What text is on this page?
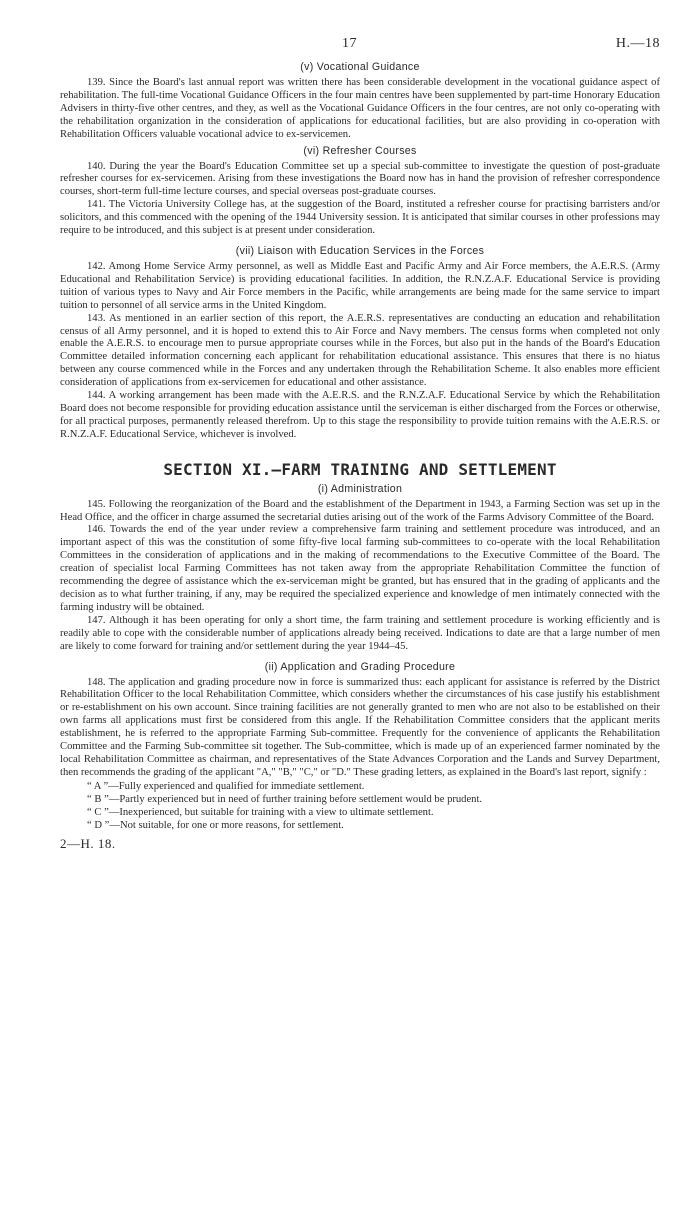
17	H.—18
(v) Vocational Guidance

139. Since the Board's last annual report was written there has been considerable development in the vocational guidance aspect of rehabilitation. The full-time Vocational Guidance Officers in the four main centres have been supplemented by part-time Honorary Education Advisers in thirty-five other centres, and they, as well as the Vocational Guidance Officers in the four centres, are not only co-operating with the rehabilitation organization in the consideration of applications for educational facilities, but are also providing in co-operation with Rehabilitation Officers valuable vocational advice to ex-servicemen.

(vi) Refresher Courses

140. During the year the Board's Education Committee set up a special sub-committee to investigate the question of post-graduate refresher courses for ex-servicemen. Arising from these investigations the Board now has in hand the provision of refresher correspondence courses, short-term full-time lecture courses, and special overseas post-graduate courses.

141. The Victoria University College has, at the suggestion of the Board, instituted a refresher course for practising barristers and/or solicitors, and this commenced with the opening of the 1944 University session. It is anticipated that similar courses in other professions may require to be introduced, and this subject is at present under consideration.

(vii) Liaison with Education Services in the Forces

142. Among Home Service Army personnel, as well as Middle East and Pacific Army and Air Force members, the A.E.R.S. (Army Educational and Rehabilitation Service) is providing educational facilities. In addition, the R.N.Z.A.F. Educational Service is providing tuition of various types to Navy and Air Force members in the Pacific, while arrangements are being made for the same service to impart tuition to personnel of all service arms in the United Kingdom.

143. As mentioned in an earlier section of this report, the A.E.R.S. representatives are conducting an education and rehabilitation census of all Army personnel, and it is hoped to extend this to Air Force and Navy members. The census forms when completed not only enable the A.E.R.S. to encourage men to pursue appropriate courses while in the Forces, but also put in the hands of the Board's Education Committee detailed information concerning each applicant for rehabilitation educational assistance. This ensures that there is no hiatus between any course commenced while in the Forces and any undertaken through the Rehabilitation Scheme. It also enables more efficient consideration of applications from ex-servicemen for educational and other assistance.

144. A working arrangement has been made with the A.E.R.S. and the R.N.Z.A.F. Educational Service by which the Rehabilitation Board does not become responsible for providing education assistance until the serviceman is either discharged from the Forces or otherwise, for all practical purposes, permanently released therefrom. Up to this stage the responsibility to provide tuition remains with the A.E.R.S. or R.N.Z.A.F. Educational Service, whichever is involved.

SECTION XI.—FARM TRAINING AND SETTLEMENT
(i) Administration

145. Following the reorganization of the Board and the establishment of the Department in 1943, a Farming Section was set up in the Head Office, and the officer in charge assumed the secretarial duties arising out of the work of the Farms Advisory Committee of the Board.

146. Towards the end of the year under review a comprehensive farm training and settlement procedure was introduced, and an important aspect of this was the constitution of some fifty-five local farming sub-committees to co-operate with the local Rehabilitation Committees in the consideration of applications and in the making of recommendations to the Executive Committee of the Board. The creation of specialist local Farming Committees has not taken away from the appropriate Rehabilitation Committee the function of recommending the degree of assistance which the ex-serviceman might be granted, but has ensured that in the grading of applicants and the decision as to what further training, if any, may be required the specialized experience and knowledge of men intimately connected with the farming industry will be obtained.

147. Although it has been operating for only a short time, the farm training and settlement procedure is working efficiently and is readily able to cope with the considerable number of applications already being received. Indications to date are that a large number of men are likely to come forward for training and/or settlement during the year 1944–45.

(ii) Application and Grading Procedure

148. The application and grading procedure now in force is summarized thus: each applicant for assistance is referred by the District Rehabilitation Officer to the local Rehabilitation Committee, which considers whether the circumstances of his case justify his establishment or re-establishment on his own account. Since training facilities are not generally granted to men who are not also to be established on their own farms all applications must first be considered from this angle. If the Rehabilitation Committee considers that the applicant merits establishment, he is referred to the appropriate Farming Sub-committee. Frequently for the convenience of applicants the Rehabilitation Committee and the Farming Sub-committee sit together. The Sub-committee, which is made up of an experienced farmer nominated by the local Rehabilitation Committee as chairman, and representatives of the State Advances Corporation and the Lands and Survey Department, then recommends the grading of the applicant "A," "B," "C," or "D." These grading letters, as explained in the Board's last report, signify :

“ A ”—Fully experienced and qualified for immediate settlement.
“ B ”—Partly experienced but in need of further training before settlement would be prudent.
“ C ”—Inexperienced, but suitable for training with a view to ultimate settlement.
“ D ”—Not suitable, for one or more reasons, for settlement.
2—H. 18.
